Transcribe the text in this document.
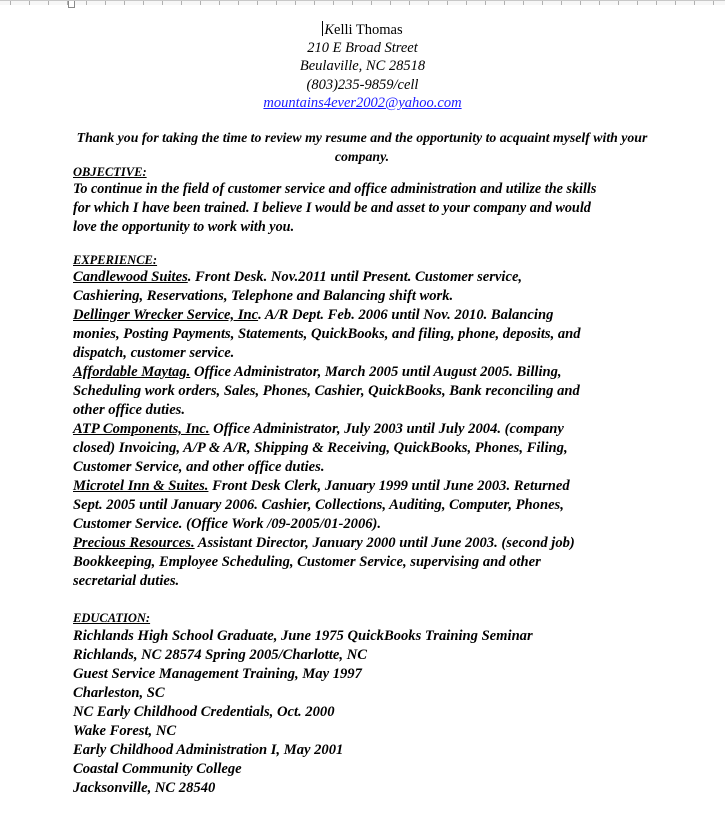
Kelli Thomas
210 E Broad Street
Beulaville, NC 28518
(803)235-9859/cell
mountains4ever2002@yahoo.com
Thank you for taking the time to review my resume and the opportunity to acquaint myself with your company.
OBJECTIVE:
To continue in the field of customer service and office administration and utilize the skills
for which I have been trained. I believe I would be and asset to your company and would
love the opportunity to work with you.
EXPERIENCE:
Candlewood Suites. Front Desk. Nov.2011 until Present. Customer service,
Cashiering, Reservations, Telephone and Balancing shift work.
Dellinger Wrecker Service, Inc. A/R Dept. Feb. 2006 until Nov. 2010. Balancing
monies, Posting Payments, Statements, QuickBooks, and filing, phone, deposits, and
dispatch, customer service.
Affordable Maytag. Office Administrator, March 2005 until August 2005. Billing,
Scheduling work orders, Sales, Phones, Cashier, QuickBooks, Bank reconciling and
other office duties.
ATP Components, Inc. Office Administrator, July 2003 until July 2004. (company
closed) Invoicing, A/P & A/R, Shipping & Receiving, QuickBooks, Phones, Filing,
Customer Service, and other office duties.
Microtel Inn & Suites. Front Desk Clerk, January 1999 until June 2003. Returned
Sept. 2005 until January 2006. Cashier, Collections, Auditing, Computer, Phones,
Customer Service. (Office Work /09-2005/01-2006).
Precious Resources. Assistant Director, January 2000 until June 2003. (second job)
Bookkeeping, Employee Scheduling, Customer Service, supervising and other
secretarial duties.
EDUCATION:
Richlands High School Graduate, June 1975 QuickBooks Training Seminar
Richlands, NC 28574 Spring 2005/Charlotte, NC
Guest Service Management Training, May 1997
Charleston, SC
NC Early Childhood Credentials, Oct. 2000
Wake Forest, NC
Early Childhood Administration I, May 2001
Coastal Community College
Jacksonville, NC 28540
